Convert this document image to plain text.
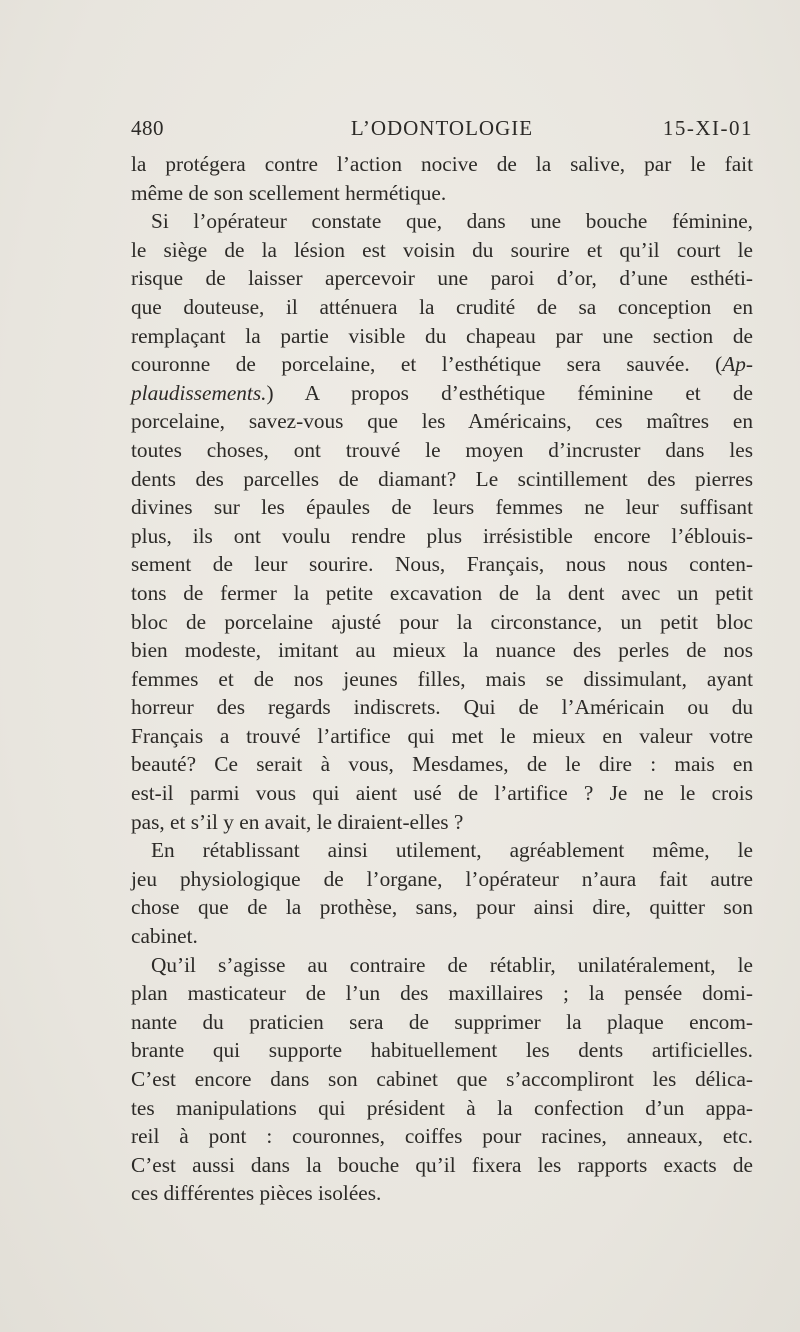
480	L’ODONTOLOGIE	15-XI-01
la protégera contre l’action nocive de la salive, par le fait
même de son scellement hermétique.
Si l’opérateur constate que, dans une bouche féminine,
le siège de la lésion est voisin du sourire et qu’il court le
risque de laisser apercevoir une paroi d’or, d’une esthéti-
que douteuse, il atténuera la crudité de sa conception en
remplaçant la partie visible du chapeau par une section de
couronne de porcelaine, et l’esthétique sera sauvée. (Ap-
plaudissements.) A propos d’esthétique féminine et de
porcelaine, savez-vous que les Américains, ces maîtres en
toutes choses, ont trouvé le moyen d’incruster dans les
dents des parcelles de diamant? Le scintillement des pierres
divines sur les épaules de leurs femmes ne leur suffisant
plus, ils ont voulu rendre plus irrésistible encore l’éblouis-
sement de leur sourire. Nous, Français, nous nous conten-
tons de fermer la petite excavation de la dent avec un petit
bloc de porcelaine ajusté pour la circonstance, un petit bloc
bien modeste, imitant au mieux la nuance des perles de nos
femmes et de nos jeunes filles, mais se dissimulant, ayant
horreur des regards indiscrets. Qui de l’Américain ou du
Français a trouvé l’artifice qui met le mieux en valeur votre
beauté? Ce serait à vous, Mesdames, de le dire : mais en
est-il parmi vous qui aient usé de l’artifice ? Je ne le crois
pas, et s’il y en avait, le diraient-elles ?
En rétablissant ainsi utilement, agréablement même, le
jeu physiologique de l’organe, l’opérateur n’aura fait autre
chose que de la prothèse, sans, pour ainsi dire, quitter son
cabinet.
Qu’il s’agisse au contraire de rétablir, unilatéralement, le
plan masticateur de l’un des maxillaires ; la pensée domi-
nante du praticien sera de supprimer la plaque encom-
brante qui supporte habituellement les dents artificielles.
C’est encore dans son cabinet que s’accompliront les délica-
tes manipulations qui président à la confection d’un appa-
reil à pont : couronnes, coiffes pour racines, anneaux, etc.
C’est aussi dans la bouche qu’il fixera les rapports exacts de
ces différentes pièces isolées.
